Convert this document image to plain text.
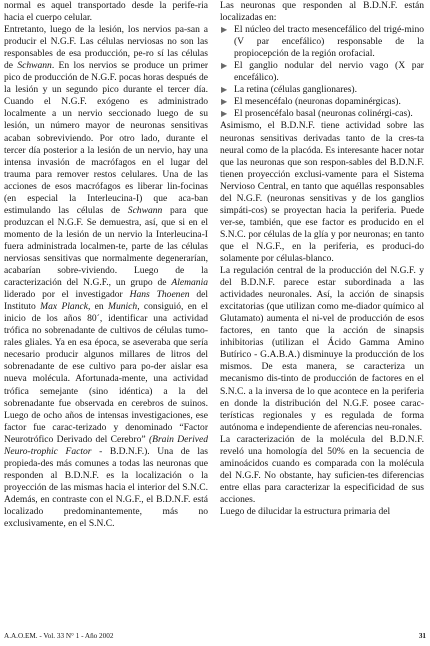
normal es aquel transportado desde la perife-ria hacia el cuerpo celular.

Entretanto, luego de la lesión, los nervios pa-san a producir el N.G.F. Las células nerviosas no son las responsables de esa producción, pe-ro sí las células de Schwann. En los nervios se produce un primer pico de producción de N.G.F. pocas horas después de la lesión y un segundo pico durante el tercer día. Cuando el N.G.F. exógeno es administrado localmente a un nervio seccionado luego de su lesión, un número mayor de neuronas sensitivas acaban sobreviviendo. Por otro lado, durante el tercer día posterior a la lesión de un nervio, hay una intensa invasión de macrófagos en el lugar del trauma para remover restos celulares. Una de las acciones de esos macrófagos es liberar lin-focinas (en especial la Interleucina-I) que aca-ban estimulando las células de Schwann para que produzcan el N.G.F. Se demuestra, así, que si en el momento de la lesión de un nervio la Interleucina-I fuera administrada localmen-te, parte de las células nerviosas sensitivas que normalmente degenerarían, acabarían sobre-viviendo. Luego de la caracterización del N.G.F., un grupo de Alemania liderado por el investigador Hans Thoenen del Instituto Max Planck, en Munich, consiguió, en el inicio de los años 80´, identificar una actividad trófica no sobrenadante de cultivos de células tumo-rales gliales. Ya en esa época, se aseveraba que sería necesario producir algunos millares de litros del sobrenadante de ese cultivo para po-der aislar esa nueva molécula. Afortunada-mente, una actividad trófica semejante (sino idéntica) a la del sobrenadante fue observada en cerebros de suinos. Luego de ocho años de intensas investigaciones, ese factor fue carac-terizado y denominado “Factor Neurotrófico Derivado del Cerebro” (Brain Derived Neuro-trophic Factor - B.D.N.F.). Una de las propieda-des más comunes a todas las neuronas que responden al B.D.N.F. es la localización o la proyección de las mismas hacia el interior del S.N.C. Además, en contraste con el N.G.F., el B.D.N.F. está localizado predominantemente, más no exclusivamente, en el S.N.C.

Las neuronas que responden al B.D.N.F. están localizadas en:

▶ El núcleo del tracto mesencefálico del trigé-mino (V par encefálico) responsable de la propiocepción de la región orofacial.
▶ El ganglio nodular del nervio vago (X par encefálico).
▶ La retina (células ganglionares).
▶ El mesencéfalo (neuronas dopaminérgicas).
▶ El prosencéfalo basal (neuronas colinérgi-cas).

Asimismo, el B.D.N.F. tiene actividad sobre las neuronas sensitivas derivadas tanto de la cres-ta neural como de la placóda. Es interesante hacer notar que las neuronas que son respon-sables del B.D.N.F. tienen proyección exclusi-vamente para el Sistema Nervioso Central, en tanto que aquéllas responsables del N.G.F. (neuronas sensitivas y de los ganglios simpáti-cos) se proyectan hacia la periferia. Puede ver-se, también, que ese factor es producido en el S.N.C. por células de la glía y por neuronas; en tanto que el N.G.F., en la periferia, es produci-do solamente por células-blanco.

La regulación central de la producción del N.G.F. y del B.D.N.F. parece estar subordinada a las actividades neuronales. Así, la acción de sinapsis excitatorias (que utilizan como me-diador químico al Glutamato) aumenta el ni-vel de producción de esos factores, en tanto que la acción de sinapsis inhibitorias (utilizan el Ácido Gamma Amino Butírico - G.A.B.A.) disminuye la producción de los mismos. De esta manera, se caracteriza un mecanismo dis-tinto de producción de factores en el S.N.C. a la inversa de lo que acontece en la periferia en donde la distribución del N.G.F. posee carac-terísticas regionales y es regulada de forma autónoma e independiente de aferencias neu-ronales.

La caracterización de la molécula del B.D.N.F. reveló una homología del 50% en la secuencia de aminoácidos cuando es comparada con la molécula del N.G.F. No obstante, hay suficien-tes diferencias entre ellas para caracterizar la especificidad de sus acciones.

Luego de dilucidar la estructura primaria del

A.A.O.EM. - Vol. 33 N° 1 - Año 2002	31
